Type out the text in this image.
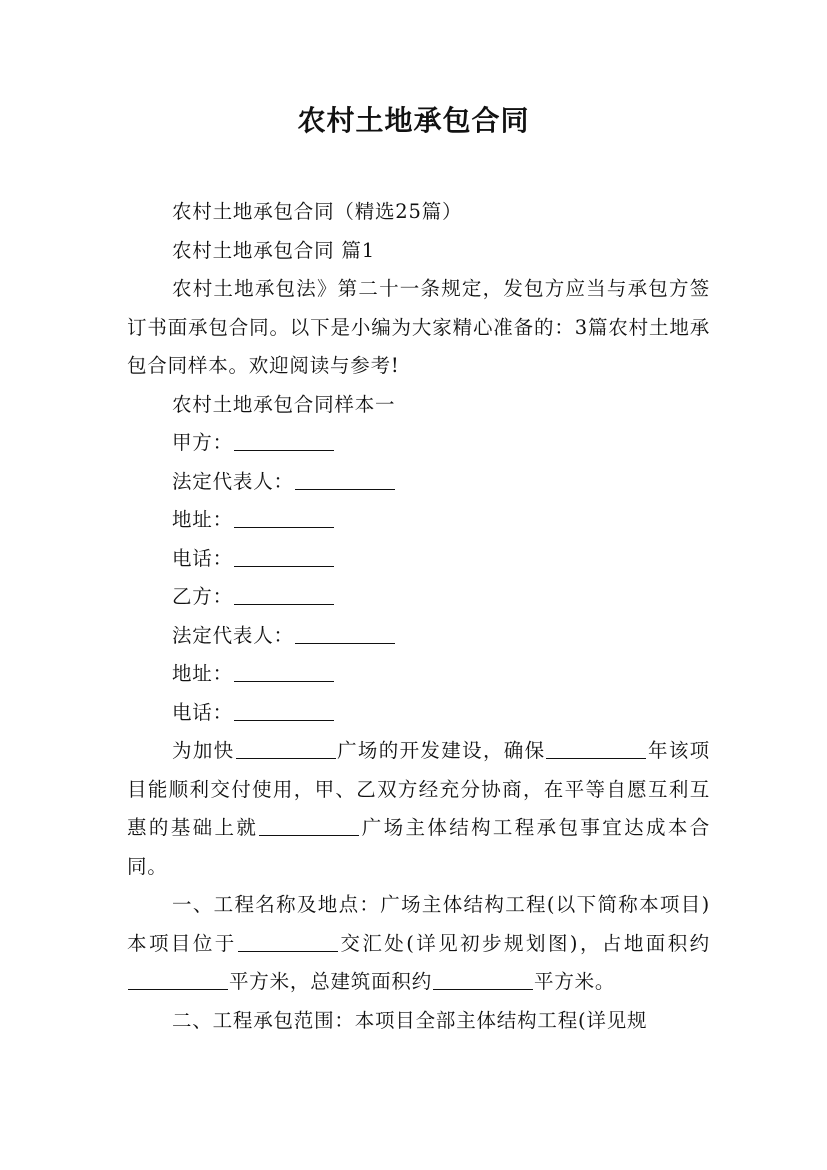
农村土地承包合同

农村土地承包合同（精选25篇）

农村土地承包合同 篇1

农村土地承包法》第二十一条规定，发包方应当与承包方签订书面承包合同。以下是小编为大家精心准备的：3篇农村土地承包合同样本。欢迎阅读与参考!

农村土地承包合同样本一

甲方：

法定代表人：

地址：

电话：

乙方：

法定代表人：

地址：

电话：

为加快	广场的开发建设，确保	年该项目能顺利交付使用，甲、乙双方经充分协商，在平等自愿互利互惠的基础上就	广场主体结构工程承包事宜达成本合同。

一、工程名称及地点：广场主体结构工程(以下简称本项目)本项目位于	交汇处(详见初步规划图)，占地面积约平方米，总建筑面积约	平方米。

二、工程承包范围：本项目全部主体结构工程(详见规
